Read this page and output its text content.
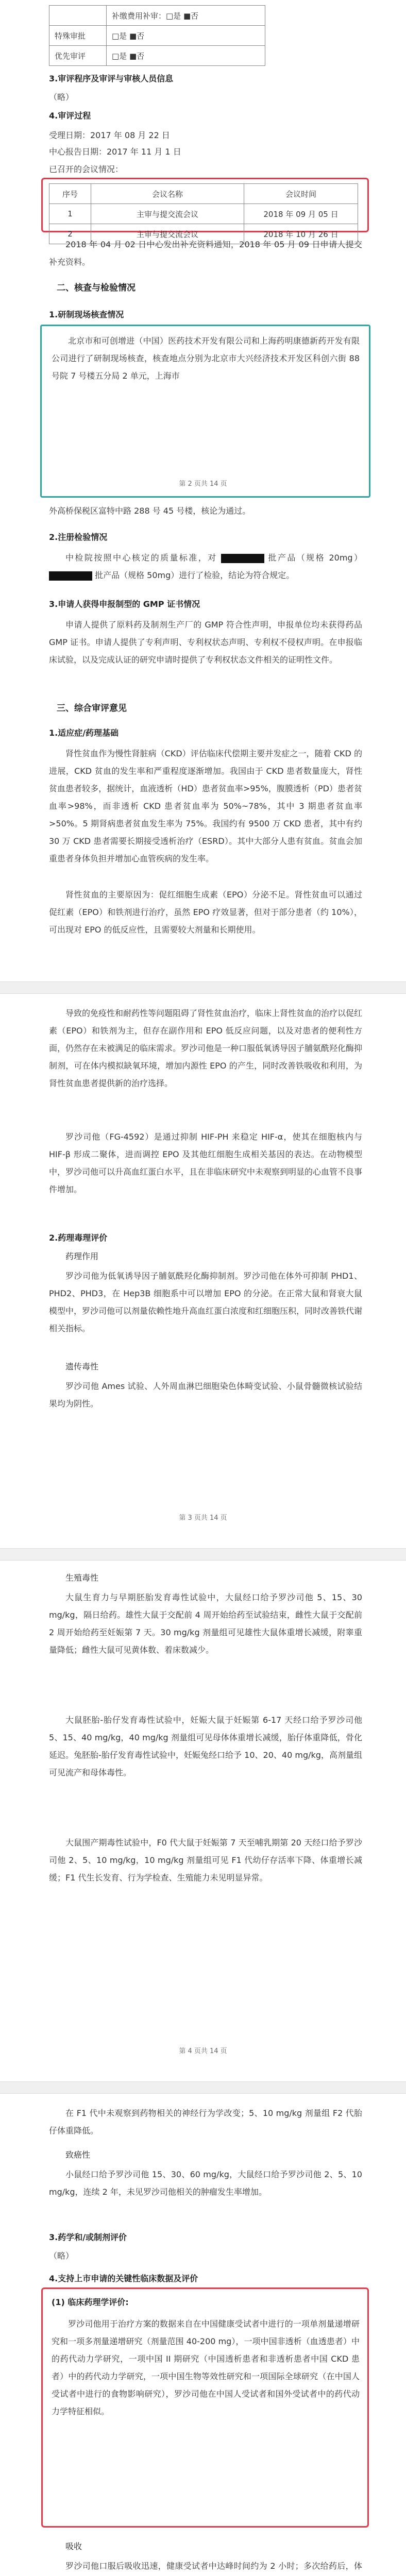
	补缴费用补审：□是 ■否
特殊审批	□是 ■否
优先审评	□是 ■否
3.审评程序及审评与审核人员信息
（略）
4.审评过程
受理日期：2017 年 08 月 22 日
中心报告日期：2017 年 11 月 1 日
已召开的会议情况：
序号	会议名称	会议时间
1	主审与提交流会议	2018 年 09 月 05 日
2	主审与提交流会议	2018 年 10 月 26 日
2018 年 04 月 02 日中心发出补充资料通知，2018 年 05 月 09 日申请人提交补充资料。
二、核查与检验情况
1.研制现场核查情况
北京市和可创增进（中国）医药技术开发有限公司和上海药明康德新药开发有限公司进行了研制现场核查，核查地点分别为北京市大兴经济技术开发区科创六街 88 号院 7 号楼五分局 2 单元，上海市
第 2 页共 14 页
外高桥保税区富特中路 288 号 45 号楼，核论为通过。
2.注册检验情况
中检院按照中心核定的质量标准，对	批产品（规格 20mg）  批产品（规格 50mg）进行了检验，结论为符合规定。
3.申请人获得申报制型的 GMP 证书情况
申请人提供了原料药及制剂生产厂的 GMP 符合性声明，申报单位均未获得药品 GMP 证书。申请人提供了专利声明、专利权状态声明、专利权不侵权声明。在申报临床试验，以及完成认证的研究申请时提供了专利权状态文件相关的证明性文件。
三、综合审评意见
1.适应症/药理基础
肾性贫血作为慢性肾脏病（CKD）评估临床代偿期主要并发症之一，随着 CKD 的进展，CKD 贫血的发生率和严重程度逐渐增加。我国由于 CKD 患者数量庞大，肾性贫血患者较多，据统计，血液透析（HD）患者贫血率>95%，腹膜透析（PD）患者贫血率>98%，而非透析 CKD 患者贫血率为 50%~78%，其中 3 期患者贫血率>50%。5 期肾病患者贫血发生率为 75%。我国约有 9500 万 CKD 患者，其中有约 30 万 CKD 患者需要长期接受透析治疗（ESRD）。其中大部分人患有贫血。贫血会加重患者身体负担并增加心血管疾病的发生率。
肾性贫血的主要原因为：促红细胞生成素（EPO）分泌不足。肾性贫血可以通过促红素（EPO）和铁剂进行治疗，虽然 EPO 疗效显著，但对于部分患者（约 10%），可出现对 EPO 的低反应性，且需要较大剂量和长期使用。
导致的免疫性和耐药性等问题阻碍了肾性贫血治疗，临床上肾性贫血的治疗以促红素（EPO）和铁剂为主，但存在副作用和 EPO 低反应问题，以及对患者的便利性方面，仍然存在未被满足的临床需求。罗沙司他是一种口服低氧诱导因子脯氨酰羟化酶抑制剂，可在体内模拟缺氧环境，增加内源性 EPO 的产生，同时改善铁吸收和利用，为肾性贫血患者提供新的治疗选择。
罗沙司他（FG-4592）是通过抑制 HIF-PH 来稳定 HIF-α，使其在细胞核内与 HIF-β 形成二聚体，进而调控 EPO 及其他红细胞生成相关基因的表达。在动物模型中，罗沙司他可以升高血红蛋白水平，且在非临床研究中未观察到明显的心血管不良事件增加。
2.药理毒理评价
药理作用
罗沙司他为低氧诱导因子脯氨酰羟化酶抑制剂。罗沙司他在体外可抑制 PHD1、PHD2、PHD3，在 Hep3B 细胞系中可以增加 EPO 的分泌。在正常大鼠和肾衰大鼠模型中，罗沙司他可以剂量依赖性地升高血红蛋白浓度和红细胞压积，同时改善铁代谢相关指标。
遗传毒性
罗沙司他 Ames 试验、人外周血淋巴细胞染色体畸变试验、小鼠骨髓微核试验结果均为阴性。
第 3 页共 14 页
生殖毒性
大鼠生育力与早期胚胎发育毒性试验中，大鼠经口给予罗沙司他 5、15、30 mg/kg，隔日给药。雄性大鼠于交配前 4 周开始给药至试验结束，雌性大鼠于交配前 2 周开始给药至妊娠第 7 天。30 mg/kg 剂量组可见雄性大鼠体重增长减缓，附睾重量降低；雌性大鼠可见黄体数、着床数减少。
大鼠胚胎-胎仔发育毒性试验中，妊娠大鼠于妊娠第 6-17 天经口给予罗沙司他 5、15、40 mg/kg，40 mg/kg 剂量组可见母体体重增长减缓，胎仔体重降低，骨化延迟。兔胚胎-胎仔发育毒性试验中，妊娠兔经口给予 10、20、40 mg/kg，高剂量组可见流产和母体毒性。
大鼠围产期毒性试验中，F0 代大鼠于妊娠第 7 天至哺乳期第 20 天经口给予罗沙司他 2、5、10 mg/kg，10 mg/kg 剂量组可见 F1 代幼仔存活率下降、体重增长减缓；F1 代生长发育、行为学检查、生殖能力未见明显异常。
第 4 页共 14 页
在 F1 代中未观察到药物相关的神经行为学改变；5、10 mg/kg 剂量组 F2 代胎仔体重降低。
致癌性
小鼠经口给予罗沙司他 15、30、60 mg/kg，大鼠经口给予罗沙司他 2、5、10 mg/kg，连续 2 年，未见罗沙司他相关的肿瘤发生率增加。
3.药学和/或制剂评价
（略）
4.支持上市申请的关键性临床数据及评价
(1) 临床药理学评价:
罗沙司他用于治疗方案的数据来自在中国健康受试者中进行的一项单剂量递增研究和一项多剂量递增研究（剂量范围 40-200 mg），一项中国非透析（血透患者）中的药代动力学研究，一项中国 II 期研究（中国透析患者和非透析患者中国 CKD 患者）中的药代动力学研究，一项中国生物等效性研究和一项国际全球研究（在中国人受试者中进行的食物影响研究），罗沙司他在中国人受试者和国外受试者中的药代动力学特征相似。
吸收
罗沙司他口服后吸收迅速，健康受试者中达峰时间约为 2 小时；多次给药后，体
